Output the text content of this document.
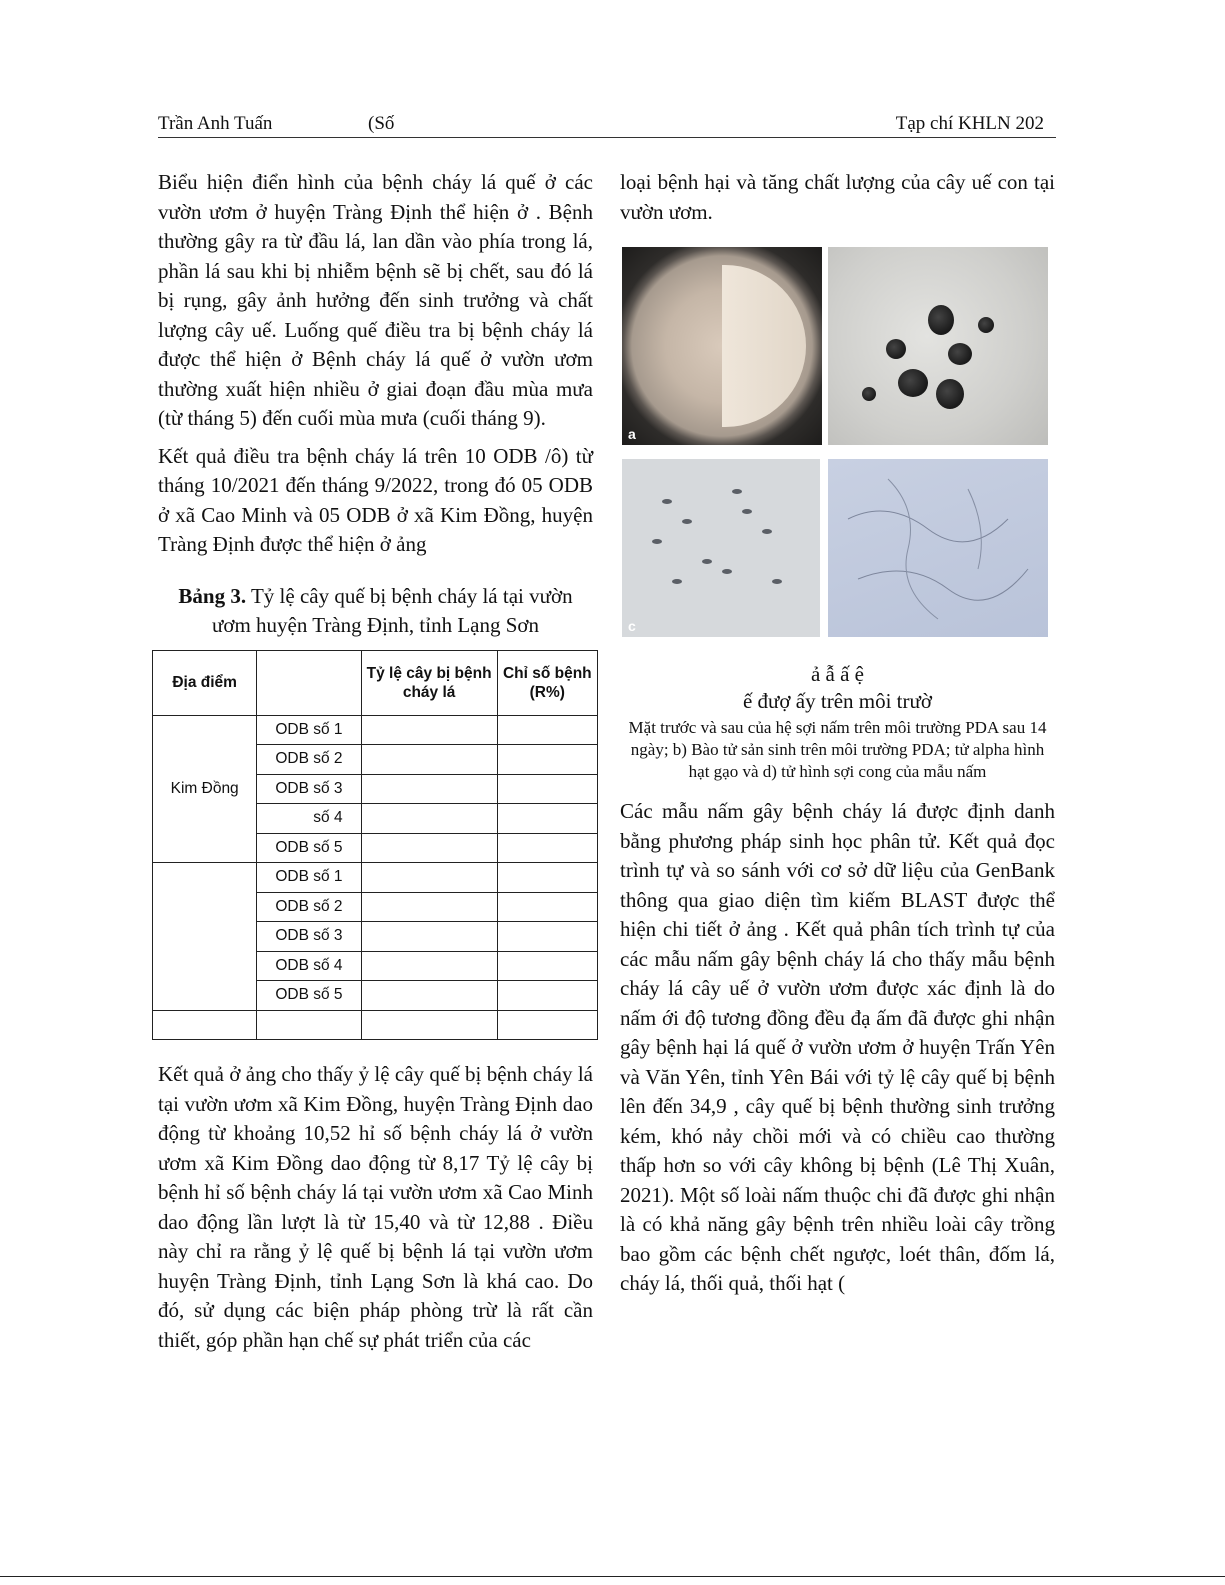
Trần Anh Tuấn	(Số	Tạp chí KHLN 202

Biểu hiện điển hình của bệnh cháy lá quế ở các vườn ươm ở huyện Tràng Định thể hiện ở . Bệnh thường gây ra từ đầu lá, lan dần vào phía trong lá, phần lá sau khi bị nhiễm bệnh sẽ bị chết, sau đó lá bị rụng, gây ảnh hưởng đến sinh trưởng và chất lượng cây uế. Luống quế điều tra bị bệnh cháy lá được thể hiện ở Bệnh cháy lá quế ở vườn ươm thường xuất hiện nhiều ở giai đoạn đầu mùa mưa (từ tháng 5) đến cuối mùa mưa (cuối tháng 9).

Kết quả điều tra bệnh cháy lá trên 10 ODB /ô) từ tháng 10/2021 đến tháng 9/2022, trong đó 05 ODB ở xã Cao Minh và 05 ODB ở xã Kim Đồng, huyện Tràng Định được thể hiện ở ảng

Bảng 3. Tỷ lệ cây quế bị bệnh cháy lá tại vườn ươm huyện Tràng Định, tỉnh Lạng Sơn
Địa điểm		Tỷ lệ cây bị bệnh cháy lá	Chỉ số bệnh (R%)
Kim Đồng	ODB số 1		
	ODB số 2		
	ODB số 3		
	số 4		
	ODB số 5		
	ODB số 1		
	ODB số 2		
	ODB số 3		
	ODB số 4		
	ODB số 5		

Kết quả ở ảng cho thấy ỷ lệ cây quế bị bệnh cháy lá tại vườn ươm xã Kim Đồng, huyện Tràng Định dao động từ khoảng 10,52 hỉ số bệnh cháy lá ở vườn ươm xã Kim Đồng dao động từ 8,17 Tỷ lệ cây bị bệnh hỉ số bệnh cháy lá tại vườn ươm xã Cao Minh dao động lần lượt là từ 15,40 và từ 12,88 . Điều này chỉ ra rằng ỷ lệ quế bị bệnh lá tại vườn ươm huyện Tràng Định, tỉnh Lạng Sơn là khá cao. Do đó, sử dụng các biện pháp phòng trừ là rất cần thiết, góp phần hạn chế sự phát triển của các

loại bệnh hại và tăng chất lượng của cây uế con tại vườn ươm.

a
c
ả ẫ ấ ệ
ế đượ ấy trên môi trườ
Mặt trước và sau của hệ sợi nấm trên môi trường PDA sau 14 ngày; b) Bào tử sản sinh trên môi trường PDA; tử alpha hình hạt gạo và d) tử hình sợi cong của mẫu nấm

Các mẫu nấm gây bệnh cháy lá được định danh bằng phương pháp sinh học phân tử. Kết quả đọc trình tự và so sánh với cơ sở dữ liệu của GenBank thông qua giao diện tìm kiếm BLAST được thể hiện chi tiết ở ảng . Kết quả phân tích trình tự của các mẫu nấm gây bệnh cháy lá cho thấy mẫu bệnh cháy lá cây uế ở vườn ươm được xác định là do nấm ới độ tương đồng đều đạ ấm đã được ghi nhận gây bệnh hại lá quế ở vườn ươm ở huyện Trấn Yên và Văn Yên, tỉnh Yên Bái với tỷ lệ cây quế bị bệnh lên đến 34,9 , cây quế bị bệnh thường sinh trưởng kém, khó nảy chồi mới và có chiều cao thường thấp hơn so với cây không bị bệnh (Lê Thị Xuân, 2021). Một số loài nấm thuộc chi đã được ghi nhận là có khả năng gây bệnh trên nhiều loài cây trồng bao gồm các bệnh chết ngược, loét thân, đốm lá, cháy lá, thối quả, thối hạt (
